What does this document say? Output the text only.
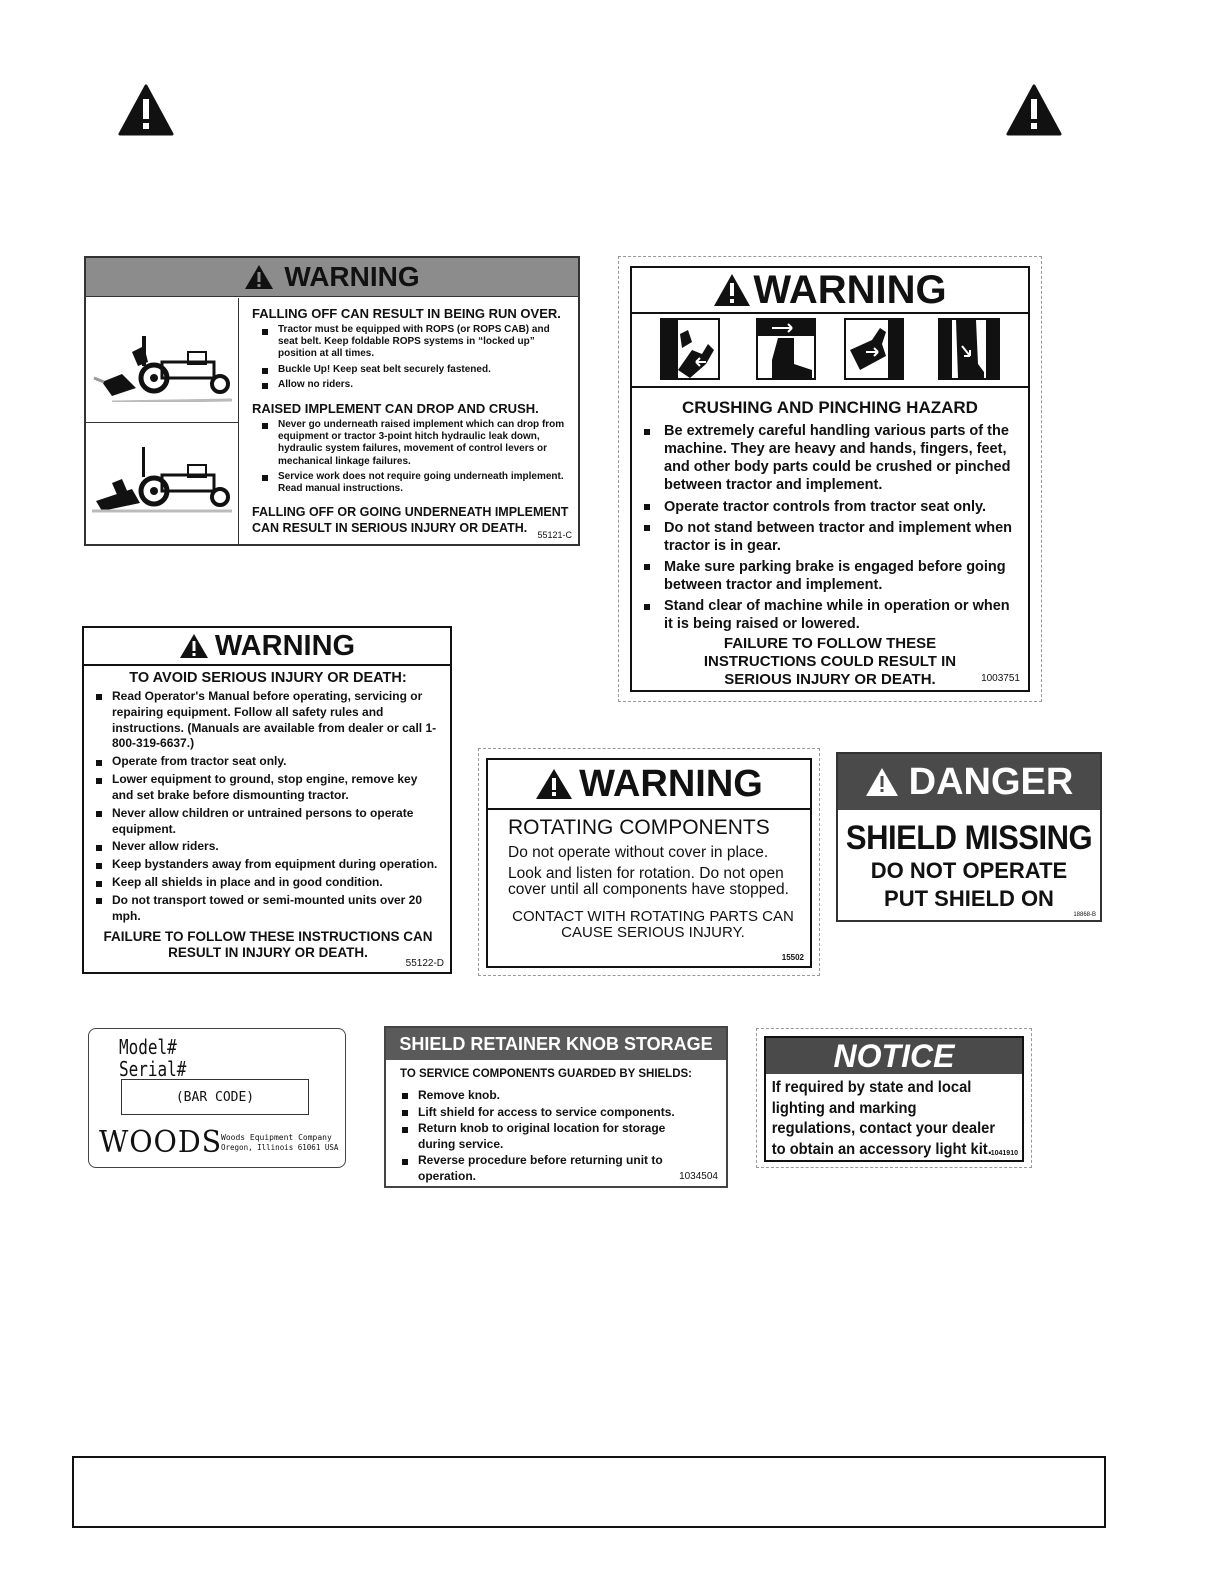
WARNING
FALLING OFF CAN RESULT IN BEING RUN OVER.
Tractor must be equipped with ROPS (or ROPS CAB) and seat belt. Keep foldable ROPS systems in “locked up” position at all times.
Buckle Up! Keep seat belt securely fastened.
Allow no riders.
RAISED IMPLEMENT CAN DROP AND CRUSH.
Never go underneath raised implement which can drop from equipment or tractor 3-point hitch hydraulic leak down, hydraulic system failures, movement of control levers or mechanical linkage failures.
Service work does not require going underneath implement. Read manual instructions.
FALLING OFF OR GOING UNDERNEATH IMPLEMENT CAN RESULT IN SERIOUS INJURY OR DEATH.
55121-C
WARNING
CRUSHING AND PINCHING HAZARD
Be extremely careful handling various parts of the machine. They are heavy and hands, fingers, feet, and other body parts could be crushed or pinched between tractor and implement.
Operate tractor controls from tractor seat only.
Do not stand between tractor and implement when tractor is in gear.
Make sure parking brake is engaged before going between tractor and implement.
Stand clear of machine while in operation or when it is being raised or lowered.
FAILURE TO FOLLOW THESE INSTRUCTIONS COULD RESULT IN SERIOUS INJURY OR DEATH.	1003751
WARNING
TO AVOID SERIOUS INJURY OR DEATH:
Read Operator's Manual before operating, servicing or repairing equipment. Follow all safety rules and instructions. (Manuals are available from dealer or call 1-800-319-6637.)
Operate from tractor seat only.
Lower equipment to ground, stop engine, remove key and set brake before dismounting tractor.
Never allow children or untrained persons to operate equipment.
Never allow riders.
Keep bystanders away from equipment during operation.
Keep all shields in place and in good condition.
Do not transport towed or semi-mounted units over 20 mph.
FAILURE TO FOLLOW THESE INSTRUCTIONS CAN RESULT IN INJURY OR DEATH.
55122-D
WARNING
ROTATING COMPONENTS
Do not operate without cover in place.
Look and listen for rotation. Do not open cover until all components have stopped.
CONTACT WITH ROTATING PARTS CAN CAUSE SERIOUS INJURY.
15502
DANGER
SHIELD MISSING
DO NOT OPERATE
PUT SHIELD ON
18868-B
Model#
Serial#
(BAR CODE)
WOODS
Woods Equipment Company
Oregon, Illinois 61061 USA
SHIELD RETAINER KNOB STORAGE
TO SERVICE COMPONENTS GUARDED BY SHIELDS:
Remove knob.
Lift shield for access to service components.
Return knob to original location for storage during service.
Reverse procedure before returning unit to operation.	1034504
NOTICE
If required by state and local lighting and marking regulations, contact your dealer to obtain an accessory light kit.
1041910
